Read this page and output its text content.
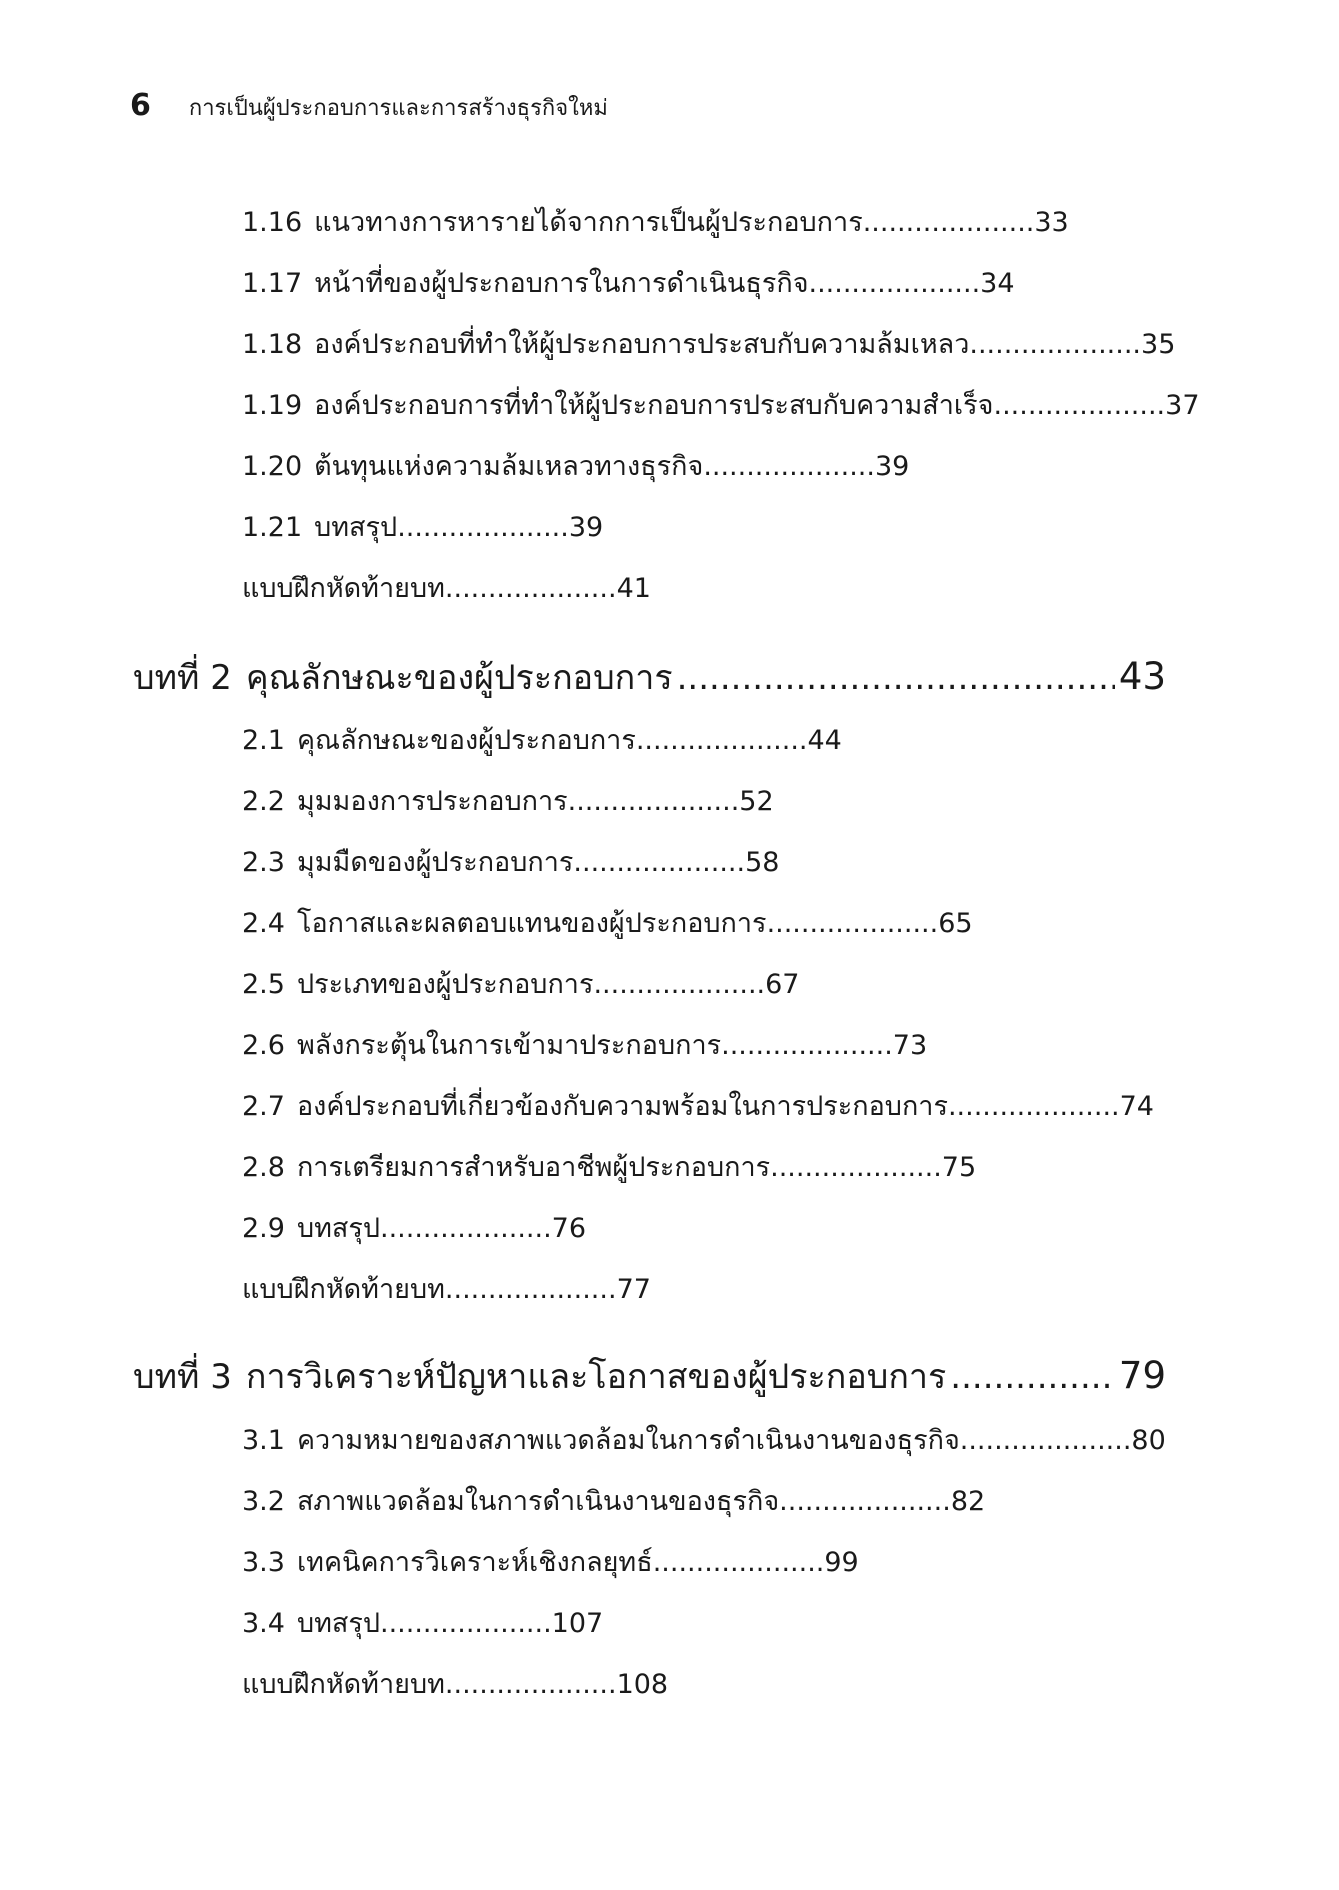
6 การเป็นผู้ประกอบการและการสร้างธุรกิจใหม่
1.16 แนวทางการหารายได้จากการเป็นผู้ประกอบการ....................33
1.17 หน้าที่ของผู้ประกอบการในการดำเนินธุรกิจ....................34
1.18 องค์ประกอบที่ทำให้ผู้ประกอบการประสบกับความล้มเหลว....................35
1.19 องค์ประกอบการที่ทำให้ผู้ประกอบการประสบกับความสำเร็จ....................37
1.20 ต้นทุนแห่งความล้มเหลวทางธุรกิจ....................39
1.21 บทสรุป....................39
แบบฝึกหัดท้ายบท....................41
บทที่ 2 คุณลักษณะของผู้ประกอบการ .....	43
2.1 คุณลักษณะของผู้ประกอบการ....................44
2.2 มุมมองการประกอบการ....................52
2.3 มุมมืดของผู้ประกอบการ....................58
2.4 โอกาสและผลตอบแทนของผู้ประกอบการ....................65
2.5 ประเภทของผู้ประกอบการ....................67
2.6 พลังกระตุ้นในการเข้ามาประกอบการ....................73
2.7 องค์ประกอบที่เกี่ยวข้องกับความพร้อมในการประกอบการ....................74
2.8 การเตรียมการสำหรับอาชีพผู้ประกอบการ....................75
2.9 บทสรุป....................76
แบบฝึกหัดท้ายบท....................77
บทที่ 3 การวิเคราะห์ปัญหาและโอกาสของผู้ประกอบการ .....	79
3.1 ความหมายของสภาพแวดล้อมในการดำเนินงานของธุรกิจ....................80
3.2 สภาพแวดล้อมในการดำเนินงานของธุรกิจ....................82
3.3 เทคนิคการวิเคราะห์เชิงกลยุทธ์....................99
3.4 บทสรุป....................107
แบบฝึกหัดท้ายบท....................108
